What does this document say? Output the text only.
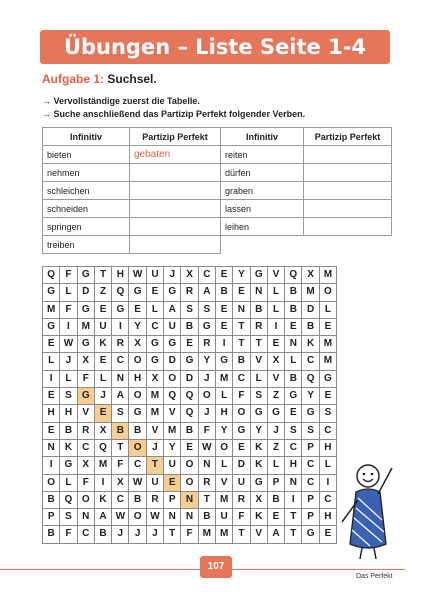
Übungen – Liste Seite 1-4
Aufgabe 1: Suchsel.
→ Vervollständige zuerst die Tabelle.
→ Suche anschließend das Partizip Perfekt folgender Verben.
Infinitiv	Partizip Perfekt	Infinitiv	Partizip Perfekt
bieten	gebaten	reiten	
nehmen		dürfen	
schleichen		graben	
schneiden		lassen	
springen		leihen	
treiben			
Q	F	G	T	H W U	J	X	C	E	Y	G	V	Q	X M
G	L	D	Z	Q G	E	G R	A	B	E	N	L	B M O
M	F	G	E	G	E	L	A	S	S	E	N	B	L	B	D	L
G	I	M U	I	Y	C	U	B G	E	T	R	I	E	B	E
E W G K	R	X	G G	E	R	I	T	T	E	N	K M
L	J	X	E	C O G D G	Y	G B	V	X	L	C M
I	L	F	L	N	H	X	O D	J	M C	L	V	B Q G
E	S	G	J	A O M Q Q O	L	F	S	Z	G	Y	E
H	H	V	E	S	G M V	Q	J	H O G G	E	G	S
E	B	R	X	B	B	V M B	F	Y	G	Y	J	S	S	C
N	K	C Q	T	O	J	Y	E W O	E	K	Z	C	P	H
I	G	X M	F	C	T	U O N	L	D	K	L	H	C	L
O	L	F	I	X W U	E	O R	V	U G	P	N	C	I
B Q O K	C	B	R	P	N	T	M R	X	B	I	P	C
P	S	N	A W O W N	N	B	U	F	K	E	T	P	H
B	F	C	B	J	J	J	T	F	M M	T	V	A	T	G	E
107
Das Perfekt
